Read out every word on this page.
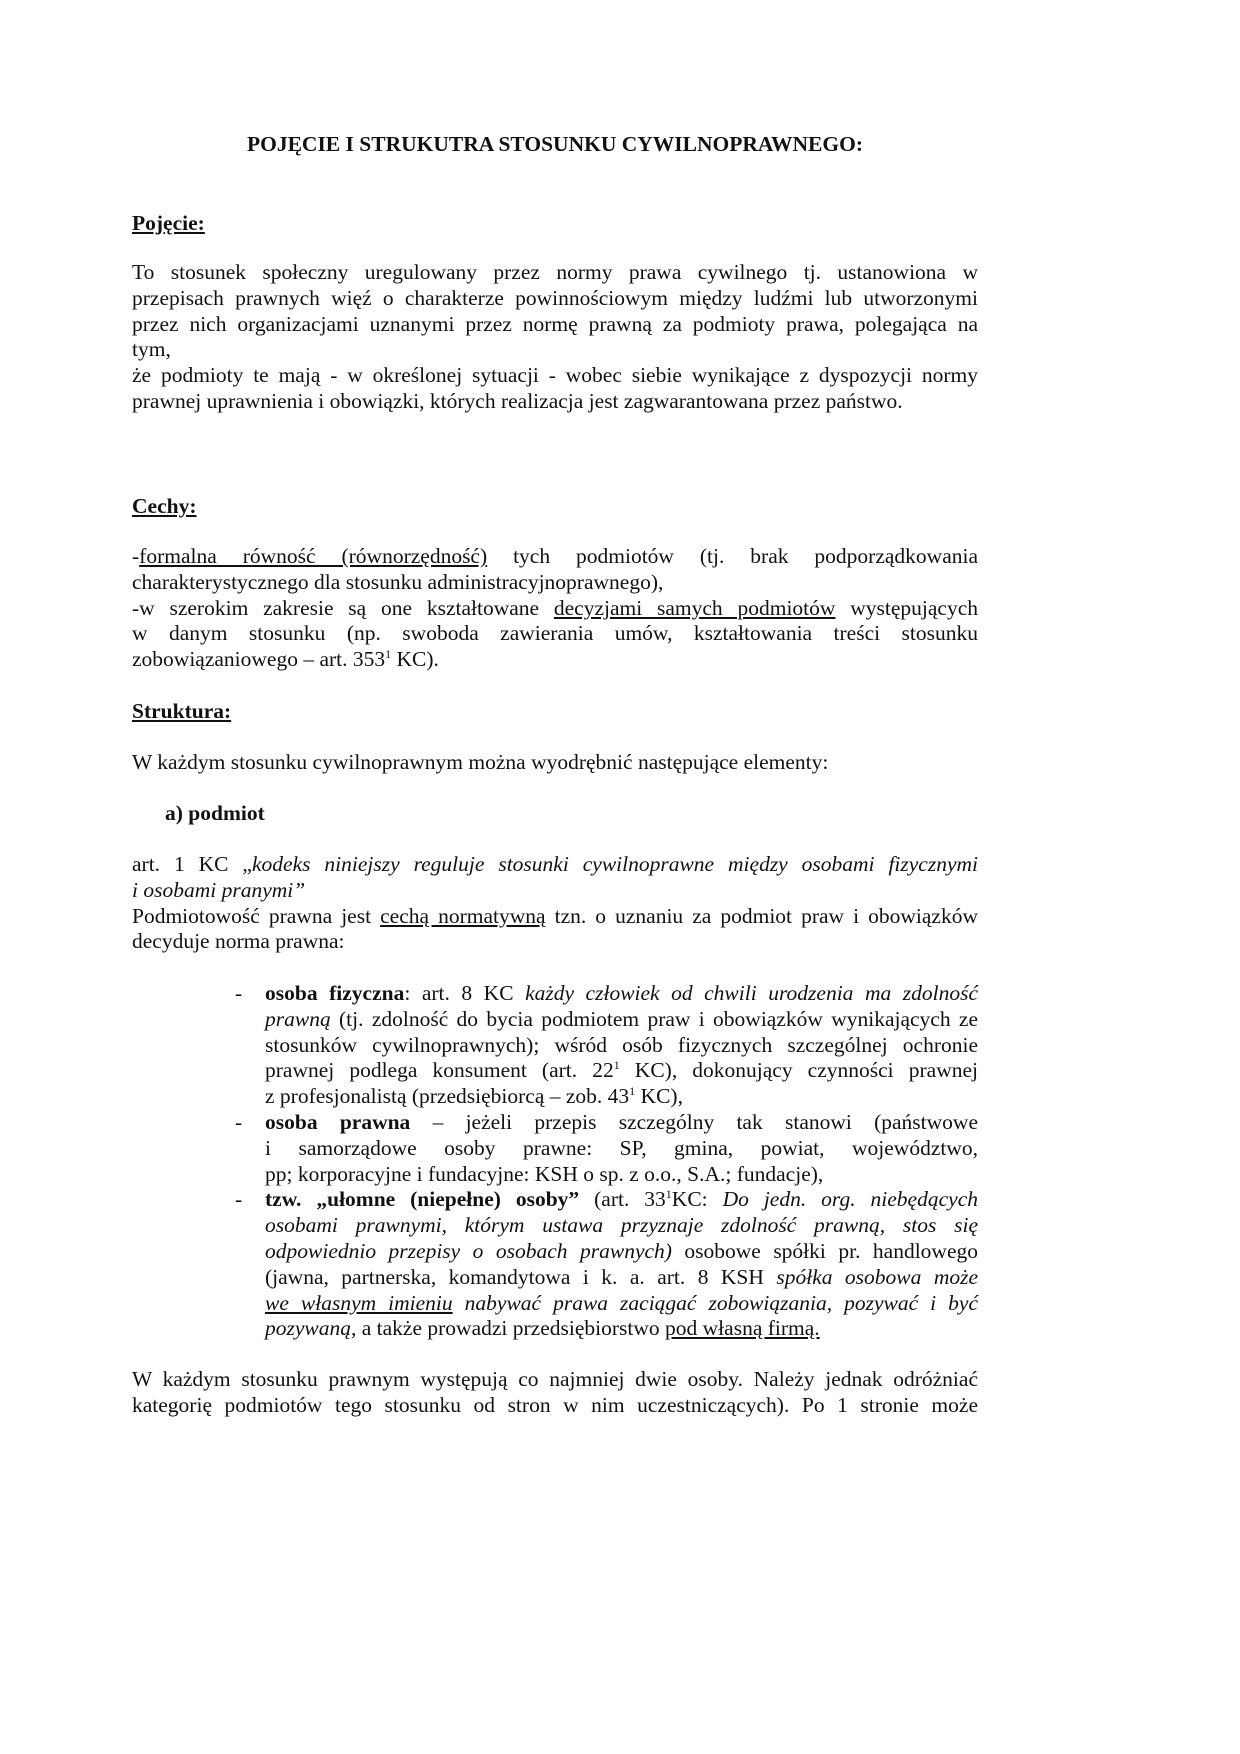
POJĘCIE I STRUKUTRA STOSUNKU CYWILNOPRAWNEGO:
Pojęcie:
To stosunek społeczny uregulowany przez normy prawa cywilnego tj. ustanowiona w
przepisach prawnych więź o charakterze powinnościowym między ludźmi lub utworzonymi
przez nich organizacjami uznanymi przez normę prawną za podmioty prawa, polegająca na
tym,
że podmioty te mają - w określonej sytuacji - wobec siebie wynikające z dyspozycji normy
prawnej uprawnienia i obowiązki, których realizacja jest zagwarantowana przez państwo.
Cechy:
-formalna równość (równorzędność) tych podmiotów (tj. brak podporządkowania
charakterystycznego dla stosunku administracyjnoprawnego),
-w szerokim zakresie są one kształtowane decyzjami samych podmiotów występujących
w danym stosunku (np. swoboda zawierania umów, kształtowania treści stosunku
zobowiązaniowego – art. $353^1$ KC).
Struktura:
W każdym stosunku cywilnoprawnym można wyodrębnić następujące elementy:
a) podmiot
art. 1 KC „kodeks niniejszy reguluje stosunki cywilnoprawne między osobami fizycznymi
i osobami pranymi”
Podmiotowość prawna jest cechą normatywną tzn. o uznaniu za podmiot praw i obowiązków
decyduje norma prawna:
- osoba fizyczna: art. 8 KC każdy człowiek od chwili urodzenia ma zdolność
prawną (tj. zdolność do bycia podmiotem praw i obowiązków wynikających ze
stosunków cywilnoprawnych); wśród osób fizycznych szczególnej ochronie
prawnej podlega konsument (art. $22^1$ KC), dokonujący czynności prawnej
z profesjonalistą (przedsiębiorcą – zob. $43^1$ KC),
- osoba prawna – jeżeli przepis szczególny tak stanowi (państwowe
i samorządowe osoby prawne: SP, gmina, powiat, województwo,
pp; korporacyjne i fundacyjne: KSH o sp. z o.o., S.A.; fundacje),
- tzw. „ułomne (niepełne) osoby” (art. $33^1KC$: Do jedn. org. niebędących
osobami prawnymi, którym ustawa przyznaje zdolność prawną, stos się
odpowiednio przepisy o osobach prawnych) osobowe spółki pr. handlowego
(jawna, partnerska, komandytowa i k. a. art. 8 KSH spółka osobowa może
we własnym imieniu nabywać prawa zaciągać zobowiązania, pozywać i być
pozywaną, a także prowadzi przedsiębiorstwo pod własną firmą.
W każdym stosunku prawnym występują co najmniej dwie osoby. Należy jednak odróżniać
kategorię podmiotów tego stosunku od stron w nim uczestniczących). Po 1 stronie może
